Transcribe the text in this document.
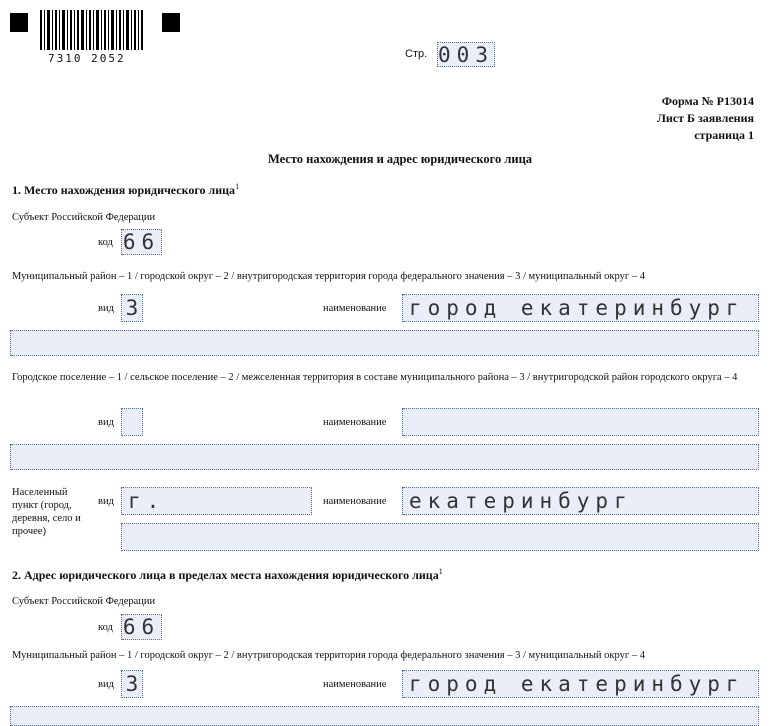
7310 2052	Стр. 003
Форма № Р13014
Лист Б заявления
страница 1
Место нахождения и адрес юридического лица
1. Место нахождения юридического лица$^1$
Субъект Российской Федерации
код 66
Муниципальный район – 1 / городской округ – 2 / внутригородская территория города федерального значения – 3 / муниципальный округ – 4
вид 3	наименование город екатеринбург
Городское поселение – 1 / сельское поселение – 2 / межселенная территория в составе муниципального района – 3 / внутригородской район городского округа – 4
вид	наименование
Населенный пункт (город, деревня, село и прочее)
вид г.	наименование екатеринбург
2. Адрес юридического лица в пределах места нахождения юридического лица$^1$
Субъект Российской Федерации
код 66
Муниципальный район – 1 / городской округ – 2 / внутригородская территория города федерального значения – 3 / муниципальный округ – 4
вид 3	наименование город екатеринбург
